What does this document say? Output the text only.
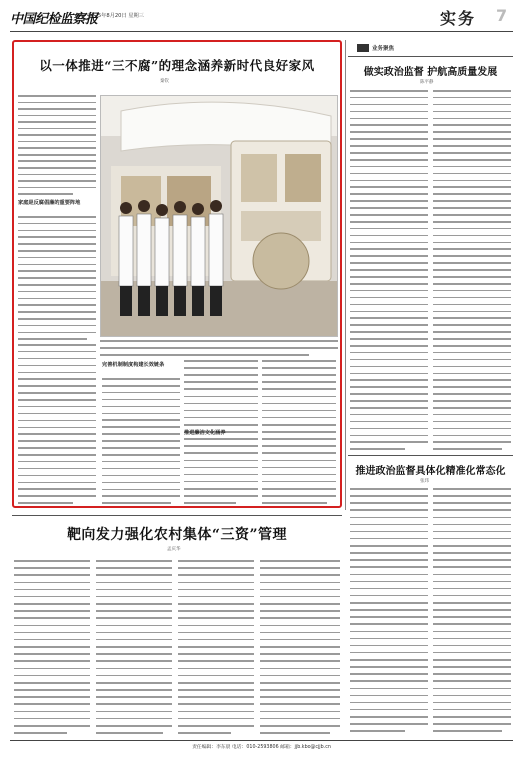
中国纪检监察报
2025年8月20日 星期三	实务 7
以一体推进“三不腐”的理念涵养新时代良好家风
秦钦
家庭是反腐倡廉的重要阵地
完善机制制度构建长效链条
推进廉洁文化涵养
业务聚焦
做实政治监督 护航高质量发展
陈平静
推进政治监督具体化精准化常态化
张玮
靶向发力强化农村集体“三资”管理
孟庆华
责任编辑：李东晨 电话：010-2593806 邮箱：jjb.kbo@cjjb.cn
